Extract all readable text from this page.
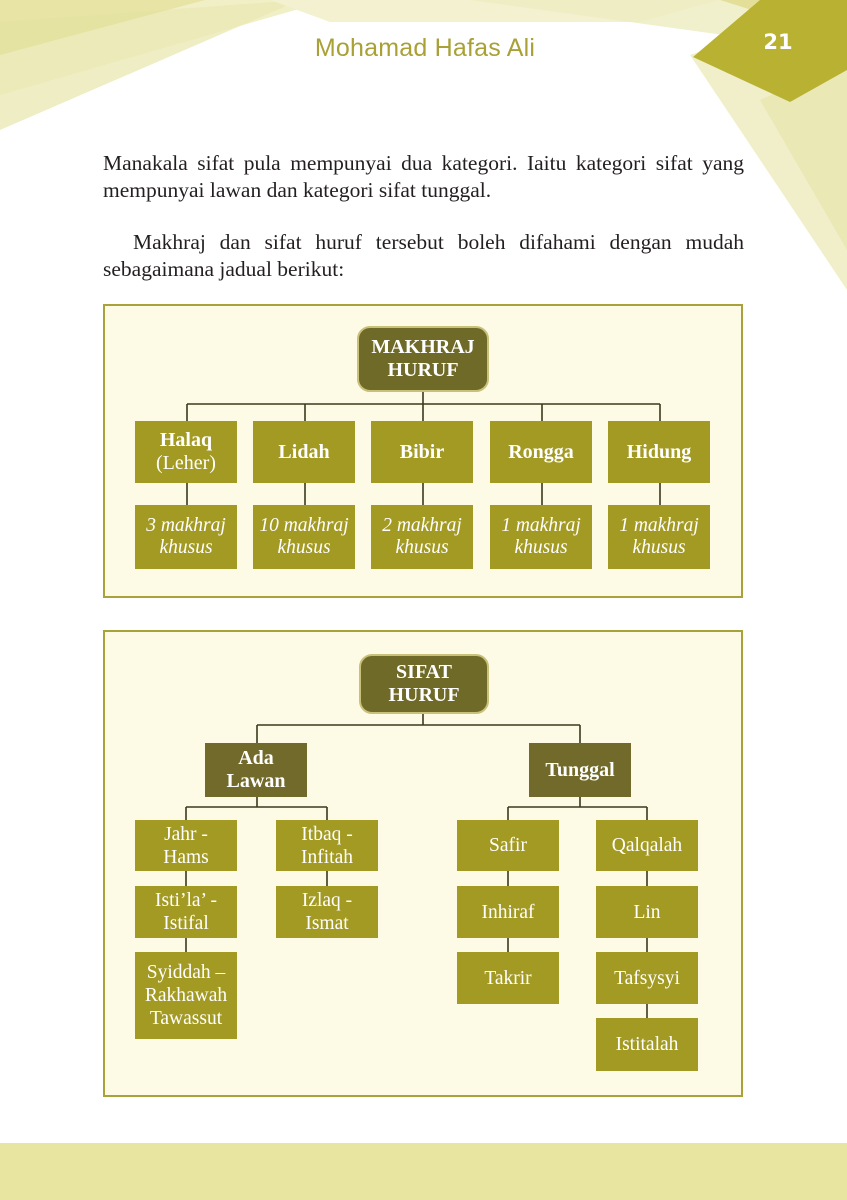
Mohamad Hafas Ali	21

Manakala sifat pula mempunyai dua kategori. Iaitu kategori sifat yang mempunyai lawan dan kategori sifat tunggal.

Makhraj dan sifat huruf tersebut boleh difahami dengan mudah sebagaimana jadual berikut:

MAKHRAJ
HURUF
Halaq
(Leher)
Lidah	Bibir	Rongga	Hidung
3 makhraj
khusus
10 makhraj
khusus
2 makhraj
khusus
1 makhraj
khusus
1 makhraj
khusus
SIFAT
HURUF
Ada
Lawan
Tunggal
Jahr -
Hams
Isti’la’ -
Istifal
Syiddah –
Rakhawah
Tawassut
Itbaq -
Infitah
Izlaq -
Ismat
Safir
Inhiraf
Takrir
Qalqalah
Lin
Tafsysyi
Istitalah
